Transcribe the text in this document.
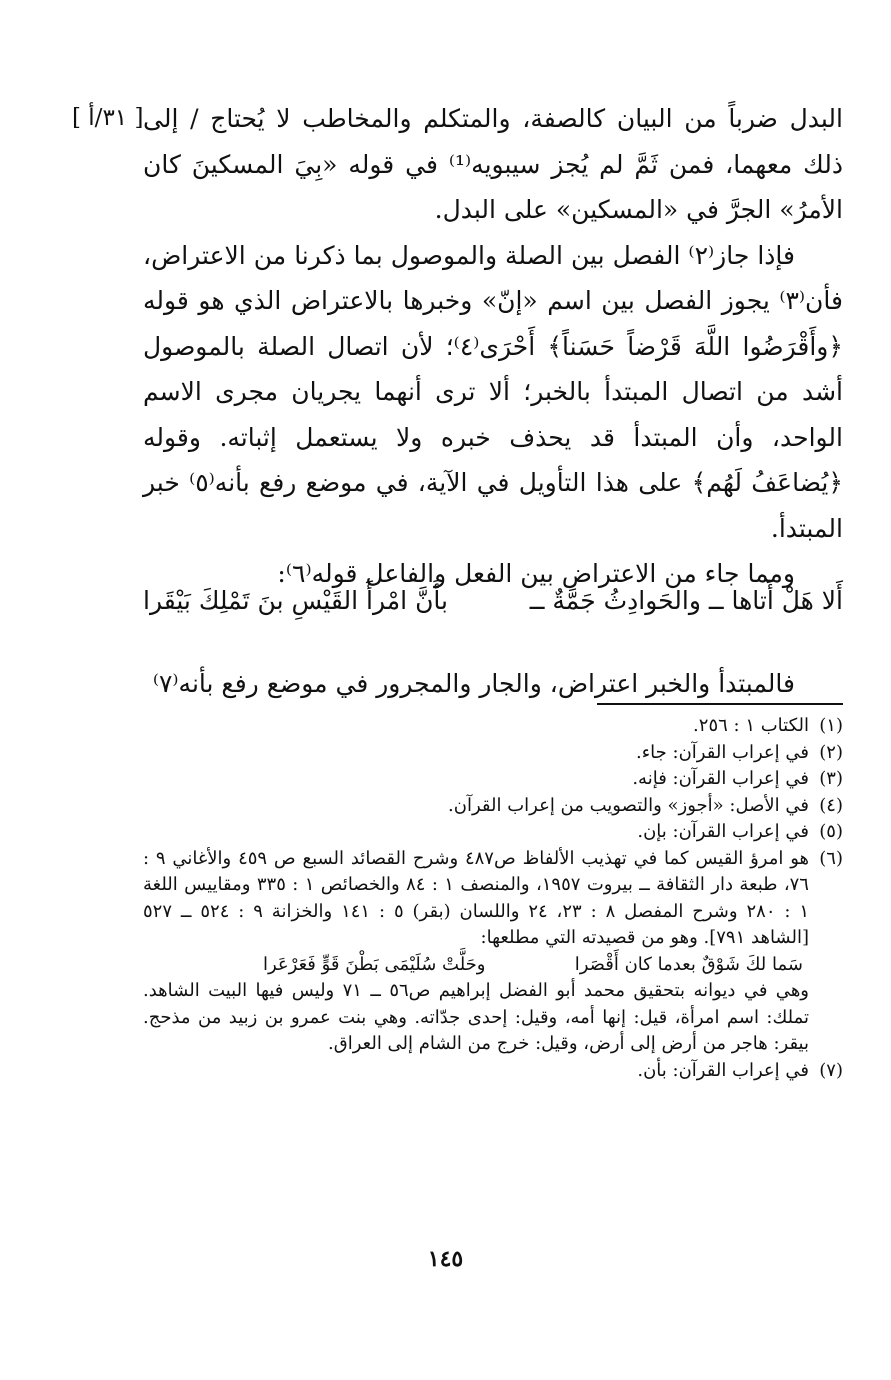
[ ٣١/أ ] البدل ضرباً من البيان كالصفة، والمتكلم والمخاطب لا يُحتاج / إلى ذلك معهما، فمن ثَمَّ لم يُجز سيبويه⁽¹⁾ في قوله «بِيَ المسكينَ كان الأمرُ» الجرَّ في «المسكين» على البدل.

فإذا جاز⁽٢⁾ الفصل بين الصلة والموصول بما ذكرنا من الاعتراض، فأن⁽٣⁾ يجوز الفصل بين اسم «إنّ» وخبرها بالاعتراض الذي هو قوله ﴿وأَقْرَضُوا اللَّهَ قَرْضاً حَسَناً﴾ أَحْرَى⁽٤⁾؛ لأن اتصال الصلة بالموصول أشد من اتصال المبتدأ بالخبر؛ ألا ترى أنهما يجريان مجرى الاسم الواحد، وأن المبتدأ قد يحذف خبره ولا يستعمل إثباته. وقوله ﴿يُضاعَفُ لَهُم﴾ على هذا التأويل في الآية، في موضع رفع بأنه⁽٥⁾ خبر المبتدأ.

ومما جاء من الاعتراض بين الفعل والفاعل قوله⁽٦⁾:

أَلا هَلْ أَتاها ــ والحَوادِثُ جَمَّةٌ ــ
بأَنَّ امْرأَ القَيْسِ بنَ تَمْلِكَ بَيْقَرا

فالمبتدأ والخبر اعتراض، والجار والمجرور في موضع رفع بأنه⁽٧⁾

(١)
الكتاب ١ : ٢٥٦.
(٢)
في إعراب القرآن: جاء.
(٣)
في إعراب القرآن: فإنه.
(٤)
في الأصل: «أجوز» والتصويب من إعراب القرآن.
(٥)
في إعراب القرآن: بإن.
(٦)
هو امرؤ القيس كما في تهذيب الألفاظ ص٤٨٧ وشرح القصائد السبع ص ٤٥٩ والأغاني ٩ : ٧٦، طبعة دار الثقافة ــ بيروت ١٩٥٧، والمنصف ١ : ٨٤ والخصائص ١ : ٣٣٥ ومقاييس اللغة ١ : ٢٨٠ وشرح المفصل ٨ : ٢٣، ٢٤ واللسان (بقر) ٥ : ١٤١ والخزانة ٩ : ٥٢٤ ــ ٥٢٧ [الشاهد ٧٩١]. وهو من قصيدته التي مطلعها:
سَما لكَ شَوْقٌ بعدما كان أَقْصَرا
وحَلَّتْ سُلَيْمَى بَطْنَ قَوٍّ فَعَرْعَرا
وهي في ديوانه بتحقيق محمد أبو الفضل إبراهيم ص٥٦ ــ ٧١ وليس فيها البيت الشاهد. تملك: اسم امرأة، قيل: إنها أمه، وقيل: إحدى جدّاته. وهي بنت عمرو بن زبيد من مذحج. بيقر: هاجر من أرض إلى أرض، وقيل: خرج من الشام إلى العراق.
(٧)
في إعراب القرآن: بأن.
١٤٥
